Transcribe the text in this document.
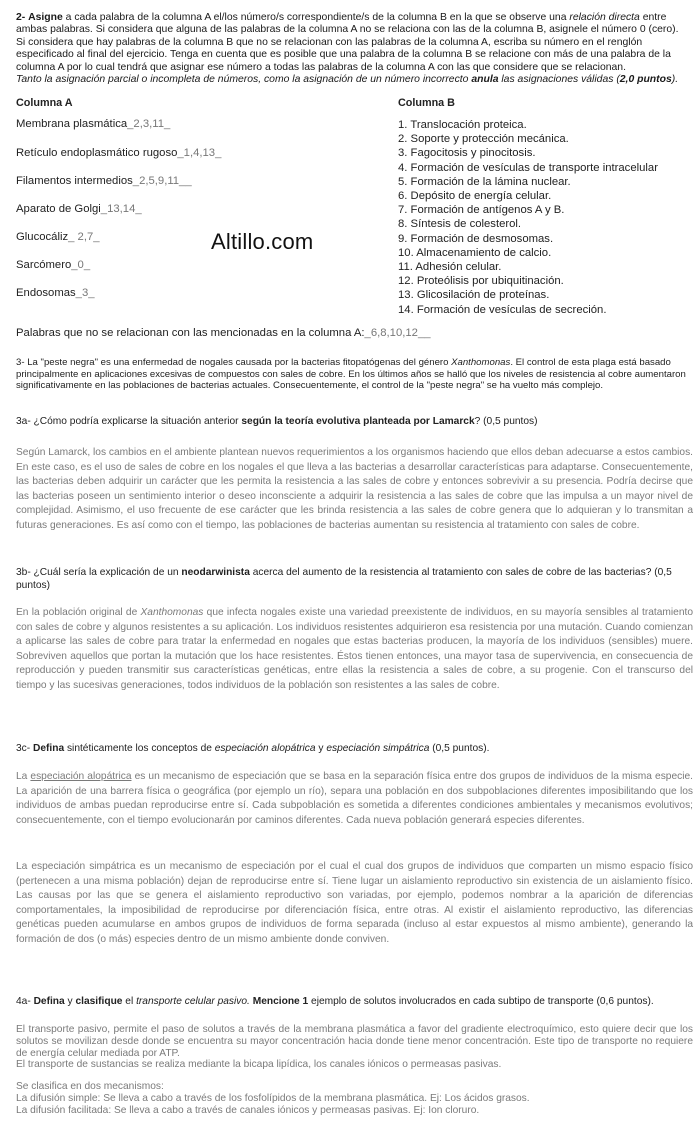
2- Asigne a cada palabra de la columna A el/los número/s correspondiente/s de la columna B en la que se observe una relación directa entre ambas palabras. Si considera que alguna de las palabras de la columna A no se relaciona con las de la columna B, asignele el número 0 (cero). Si considera que hay palabras de la columna B que no se relacionan con las palabras de la columna A, escriba su número en el renglón especificado al final del ejercicio. Tenga en cuenta que es posible que una palabra de la columna B se relacione con más de una palabra de la columna A por lo cual tendrá que asignar ese número a todas las palabras de la columna A con las que considere que se relacionan.
Tanto la asignación parcial o incompleta de números, como la asignación de un número incorrecto anula las asignaciones válidas (2,0 puntos).
Columna A	Columna B
Membrana plasmática_2,3,11_
Retículo endoplasmático rugoso_1,4,13_
Filamentos intermedios_2,5,9,11__
Aparato de Golgi_13,14_
Glucocáliz_ 2,7_
Sarcómero_0_
Endosomas_3_
1. Translocación proteica.
2. Soporte y protección mecánica.
3. Fagocitosis y pinocitosis.
4. Formación de vesículas de transporte intracelular
5. Formación de la lámina nuclear.
6. Depósito de energía celular.
7. Formación de antígenos A y B.
8. Síntesis de colesterol.
9. Formación de desmosomas.
10. Almacenamiento de calcio.
11. Adhesión celular.
12. Proteólisis por ubiquitinación.
13. Glicosilación de proteínas.
14. Formación de vesículas de secreción.
Altillo.com
Palabras que no se relacionan con las mencionadas en la columna A:_6,8,10,12__
3- La "peste negra" es una enfermedad de nogales causada por la bacterias fitopatógenas del género Xanthomonas. El control de esta plaga está basado principalmente en aplicaciones excesivas de compuestos con sales de cobre. En los últimos años se halló que los niveles de resistencia al cobre aumentaron significativamente en las poblaciones de bacterias actuales. Consecuentemente, el control de la "peste negra" se ha vuelto más complejo.
3a- ¿Cómo podría explicarse la situación anterior según la teoría evolutiva planteada por Lamarck? (0,5 puntos)
Según Lamarck, los cambios en el ambiente plantean nuevos requerimientos a los organismos haciendo que ellos deban adecuarse a estos cambios. En este caso, es el uso de sales de cobre en los nogales el que lleva a las bacterias a desarrollar características para adaptarse. Consecuentemente, las bacterias deben adquirir un carácter que les permita la resistencia a las sales de cobre y entonces sobrevivir a su presencia. Podría decirse que las bacterias poseen un sentimiento interior o deseo inconsciente a adquirir la resistencia a las sales de cobre que las impulsa a un mayor nivel de complejidad. Asimismo, el uso frecuente de ese carácter que les brinda resistencia a las sales de cobre genera que lo adquieran y lo transmitan a futuras generaciones. Es así como con el tiempo, las poblaciones de bacterias aumentan su resistencia al tratamiento con sales de cobre.
3b- ¿Cuál sería la explicación de un neodarwinista acerca del aumento de la resistencia al tratamiento con sales de cobre de las bacterias? (0,5 puntos)
En la población original de Xanthomonas que infecta nogales existe una variedad preexistente de individuos, en su mayoría sensibles al tratamiento con sales de cobre y algunos resistentes a su aplicación. Los individuos resistentes adquirieron esa resistencia por una mutación. Cuando comienzan a aplicarse las sales de cobre para tratar la enfermedad en nogales que estas bacterias producen, la mayoría de los individuos (sensibles) muere. Sobreviven aquellos que portan la mutación que los hace resistentes. Éstos tienen entonces, una mayor tasa de supervivencia, en consecuencia de reproducción y pueden transmitir sus características genéticas, entre ellas la resistencia a sales de cobre, a su progenie. Con el transcurso del tiempo y las sucesivas generaciones, todos individuos de la población son resistentes a las sales de cobre.
3c- Defina sintéticamente los conceptos de especiación alopátrica y especiación simpátrica (0,5 puntos).
La especiación alopátrica es un mecanismo de especiación que se basa en la separación física entre dos grupos de individuos de la misma especie. La aparición de una barrera física o geográfica (por ejemplo un río), separa una población en dos subpoblaciones diferentes imposibilitando que los individuos de ambas puedan reproducirse entre sí. Cada subpoblación es sometida a diferentes condiciones ambientales y mecanismos evolutivos; consecuentemente, con el tiempo evolucionarán por caminos diferentes. Cada nueva población generará especies diferentes.
La especiación simpátrica es un mecanismo de especiación por el cual el cual dos grupos de individuos que comparten un mismo espacio físico (pertenecen a una misma población) dejan de reproducirse entre sí. Tiene lugar un aislamiento reproductivo sin existencia de un aislamiento físico. Las causas por las que se genera el aislamiento reproductivo son variadas, por ejemplo, podemos nombrar a la aparición de diferencias comportamentales, la imposibilidad de reproducirse por diferenciación física, entre otras. Al existir el aislamiento reproductivo, las diferencias genéticas pueden acumularse en ambos grupos de individuos de forma separada (incluso al estar expuestos al mismo ambiente), generando la formación de dos (o más) especies dentro de un mismo ambiente donde conviven.
4a- Defina y clasifique el transporte celular pasivo. Mencione 1 ejemplo de solutos involucrados en cada subtipo de transporte (0,6 puntos).
El transporte pasivo, permite el paso de solutos a través de la membrana plasmática a favor del gradiente electroquímico, esto quiere decir que los solutos se movilizan desde donde se encuentra su mayor concentración hacia donde tiene menor concentración. Este tipo de transporte no requiere de energía celular mediada por ATP.
El transporte de sustancias se realiza mediante la bicapa lipídica, los canales iónicos o permeasas pasivas.
Se clasifica en dos mecanismos:
La difusión simple: Se lleva a cabo a través de los fosfolípidos de la membrana plasmática. Ej: Los ácidos grasos.
La difusión facilitada: Se lleva a cabo a través de canales iónicos y permeasas pasivas. Ej: Ion cloruro.
